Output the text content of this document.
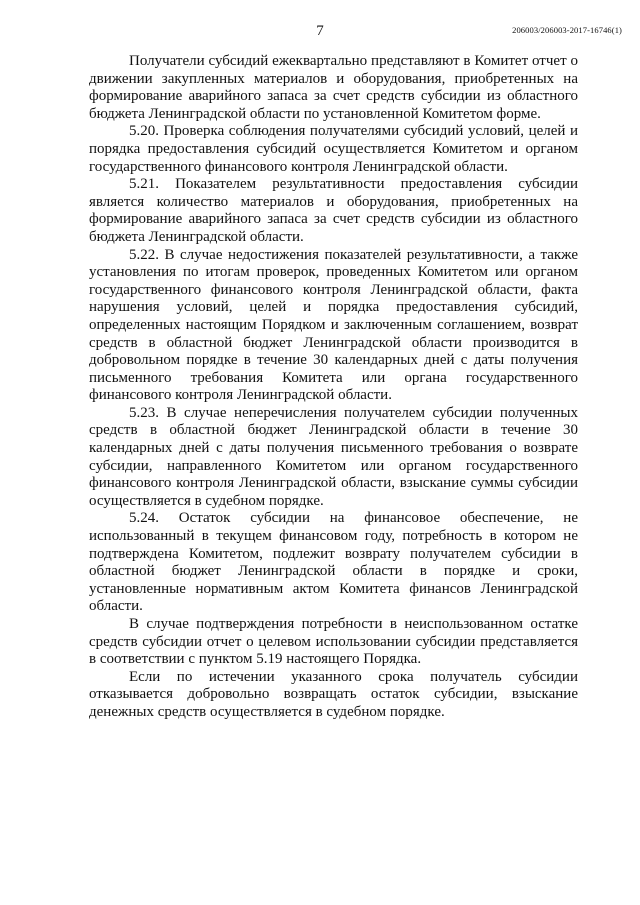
7	206003/206003-2017-16746(1)

Получатели субсидий ежеквартально представляют в Комитет отчет о движении закупленных материалов и оборудования, приобретенных на формирование аварийного запаса за счет средств субсидии из областного бюджета Ленинградской области по установленной Комитетом форме.

5.20. Проверка соблюдения получателями субсидий условий, целей и порядка предоставления субсидий осуществляется Комитетом и органом государственного финансового контроля Ленинградской области.

5.21. Показателем результативности предоставления субсидии является количество материалов и оборудования, приобретенных на формирование аварийного запаса за счет средств субсидии из областного бюджета Ленинградской области.

5.22. В случае недостижения показателей результативности, а также установления по итогам проверок, проведенных Комитетом или органом государственного финансового контроля Ленинградской области, факта нарушения условий, целей и порядка предоставления субсидий, определенных настоящим Порядком и заключенным соглашением, возврат средств в областной бюджет Ленинградской области производится в добровольном порядке в течение 30 календарных дней с даты получения письменного требования Комитета или органа государственного финансового контроля Ленинградской области.

5.23. В случае неперечисления получателем субсидии полученных средств в областной бюджет Ленинградской области в течение 30 календарных дней с даты получения письменного требования о возврате субсидии, направленного Комитетом или органом государственного финансового контроля Ленинградской области, взыскание суммы субсидии осуществляется в судебном порядке.

5.24. Остаток субсидии на финансовое обеспечение, не использованный в текущем финансовом году, потребность в котором не подтверждена Комитетом, подлежит возврату получателем субсидии в областной бюджет Ленинградской области в порядке и сроки, установленные нормативным актом Комитета финансов Ленинградской области.

В случае подтверждения потребности в неиспользованном остатке средств субсидии отчет о целевом использовании субсидии представляется в соответствии с пунктом 5.19 настоящего Порядка.

Если по истечении указанного срока получатель субсидии отказывается добровольно возвращать остаток субсидии, взыскание денежных средств осуществляется в судебном порядке.
